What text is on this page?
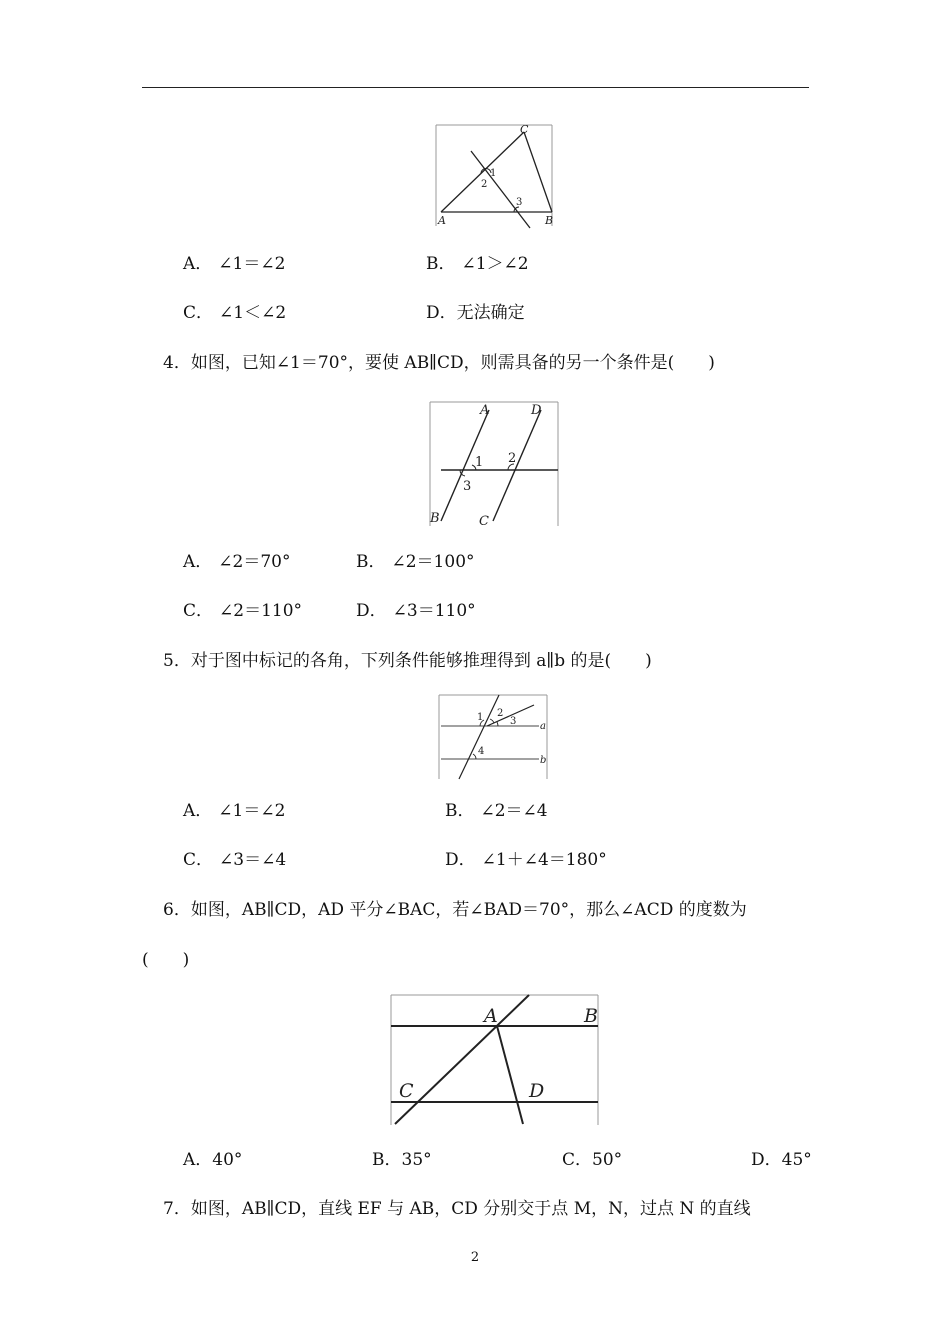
A	B
C
1
2
3
A． ∠1＝∠2	B． ∠1＞∠2
C． ∠1＜∠2	D．无法确定
4．如图，已知∠1＝70°，要使 AB∥CD，则需具备的另一个条件是(　　)
A	D
B	C
1 2
3
A． ∠2＝70°	B． ∠2＝100°
C． ∠2＝110°	D． ∠3＝110°
5．对于图中标记的各角，下列条件能够推理得到 a∥b 的是(　　)
1 2
3
4
a
b
A． ∠1＝∠2	B． ∠2＝∠4
C． ∠3＝∠4	D． ∠1＋∠4＝180°
6．如图，AB∥CD，AD 平分∠BAC，若∠BAD＝70°，那么∠ACD 的度数为
(　　)
A	B
C	D
A．40°	B．35°	C．50°	D．45°
7．如图，AB∥CD，直线 EF 与 AB，CD 分别交于点 M，N，过点 N 的直线
2
